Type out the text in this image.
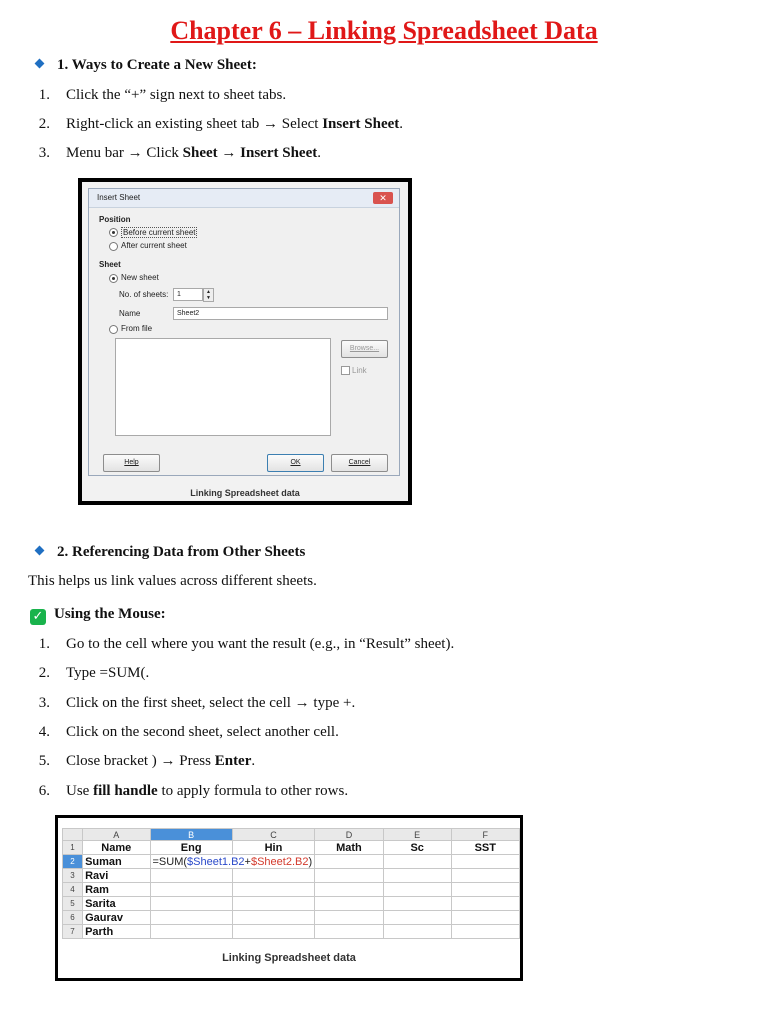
Chapter 6 – Linking Spreadsheet Data
1. Ways to Create a New Sheet:
1. Click the “+” sign next to sheet tabs.
2. Right-click an existing sheet tab → Select Insert Sheet.
3. Menu bar → Click Sheet → Insert Sheet.
Insert Sheet	✕
Position
Before current sheet
After current sheet
Sheet
New sheet
No. of sheets:	1	▲
▼
Name	Sheet2
From file
Browse...
Link
Help	OK	Cancel
Linking Spreadsheet data
2. Referencing Data from Other Sheets
This helps us link values across different sheets.
✓ Using the Mouse:
1. Go to the cell where you want the result (e.g., in “Result” sheet).
2. Type =SUM(.
3. Click on the first sheet, select the cell → type +.
4. Click on the second sheet, select another cell.
5. Close bracket ) → Press Enter.
6. Use fill handle to apply formula to other rows.
	A	B	C	D	E	F
1	Name	Eng	Hin	Math	Sc	SST
2	Suman	=SUM($Sheet1.B2+$Sheet2.B2)				
3	Ravi					
4	Ram					
5	Sarita					
6	Gaurav					
7	Parth					
Linking Spreadsheet data
